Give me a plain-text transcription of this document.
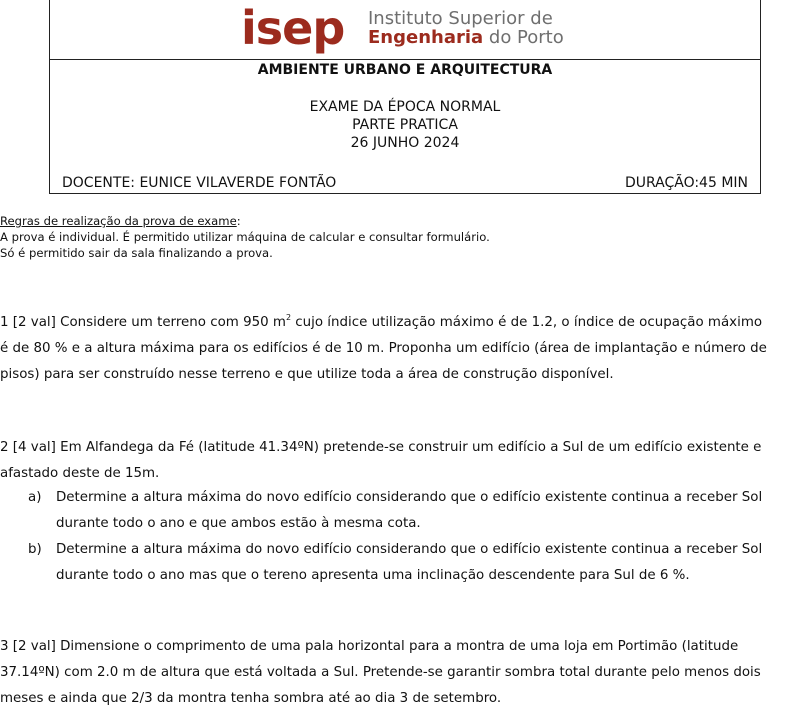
isep Instituto Superior de
Engenharia do Porto
AMBIENTE URBANO E ARQUITECTURA
EXAME DA ÉPOCA NORMAL
PARTE PRATICA
26 JUNHO 2024
DOCENTE: EUNICE VILAVERDE FONTÃO	DURAÇÃO:45 MIN
Regras de realização da prova de exame:
A prova é individual. É permitido utilizar máquina de calcular e consultar formulário.
Só é permitido sair da sala finalizando a prova.
1 [2 val] Considere um terreno com 950 $m^2$ cujo índice utilização máximo é de 1.2, o índice de ocupação máximo
é de 80 % e a altura máxima para os edifícios é de 10 m. Proponha um edifício (área de implantação e número de
pisos) para ser construído nesse terreno e que utilize toda a área de construção disponível.
2 [4 val] Em Alfandega da Fé (latitude 41.34ºN) pretende-se construir um edifício a Sul de um edifício existente e
afastado deste de 15m.
a) Determine a altura máxima do novo edifício considerando que o edifício existente continua a receber Sol
durante todo o ano e que ambos estão à mesma cota.
b) Determine a altura máxima do novo edifício considerando que o edifício existente continua a receber Sol
durante todo o ano mas que o tereno apresenta uma inclinação descendente para Sul de 6 %.
3 [2 val] Dimensione o comprimento de uma pala horizontal para a montra de uma loja em Portimão (latitude
37.14ºN) com 2.0 m de altura que está voltada a Sul. Pretende-se garantir sombra total durante pelo menos dois
meses e ainda que 2/3 da montra tenha sombra até ao dia 3 de setembro.
